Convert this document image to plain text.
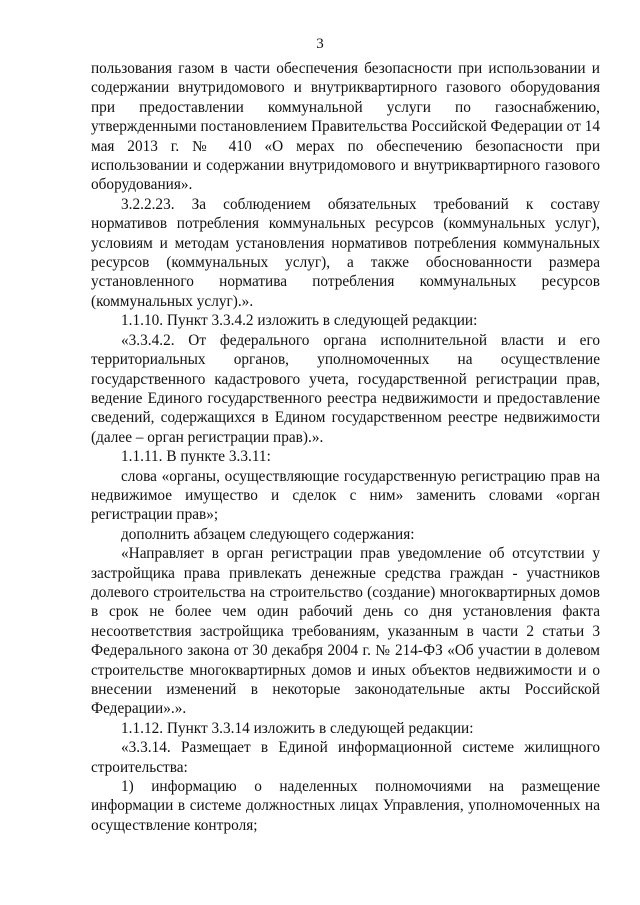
3

пользования газом в части обеспечения безопасности при использовании и содержании внутридомового и внутриквартирного газового оборудования при предоставлении коммунальной услуги по газоснабжению, утвержденными постановлением Правительства Российской Федерации от 14 мая 2013 г. № 410 «О мерах по обеспечению безопасности при использовании и содержании внутридомового и внутриквартирного газового оборудования».

3.2.2.23. За соблюдением обязательных требований к составу нормативов потребления коммунальных ресурсов (коммунальных услуг), условиям и методам установления нормативов потребления коммунальных ресурсов (коммунальных услуг), а также обоснованности размера установленного норматива потребления коммунальных ресурсов (коммунальных услуг).».

1.1.10. Пункт 3.3.4.2 изложить в следующей редакции:

«3.3.4.2. От федерального органа исполнительной власти и его территориальных органов, уполномоченных на осуществление государственного кадастрового учета, государственной регистрации прав, ведение Единого государственного реестра недвижимости и предоставление сведений, содержащихся в Едином государственном реестре недвижимости (далее – орган регистрации прав).».

1.1.11. В пункте 3.3.11:

слова «органы, осуществляющие государственную регистрацию прав на недвижимое имущество и сделок с ним» заменить словами «орган регистрации прав»;

дополнить абзацем следующего содержания:

«Направляет в орган регистрации прав уведомление об отсутствии у застройщика права привлекать денежные средства граждан - участников долевого строительства на строительство (создание) многоквартирных домов в срок не более чем один рабочий день со дня установления факта несоответствия застройщика требованиям, указанным в части 2 статьи 3 Федерального закона от 30 декабря 2004 г. № 214-ФЗ «Об участии в долевом строительстве многоквартирных домов и иных объектов недвижимости и о внесении изменений в некоторые законодательные акты Российской Федерации».».

1.1.12. Пункт 3.3.14 изложить в следующей редакции:

«3.3.14. Размещает в Единой информационной системе жилищного строительства:

1) информацию о наделенных полномочиями на размещение информации в системе должностных лицах Управления, уполномоченных на осуществление контроля;
